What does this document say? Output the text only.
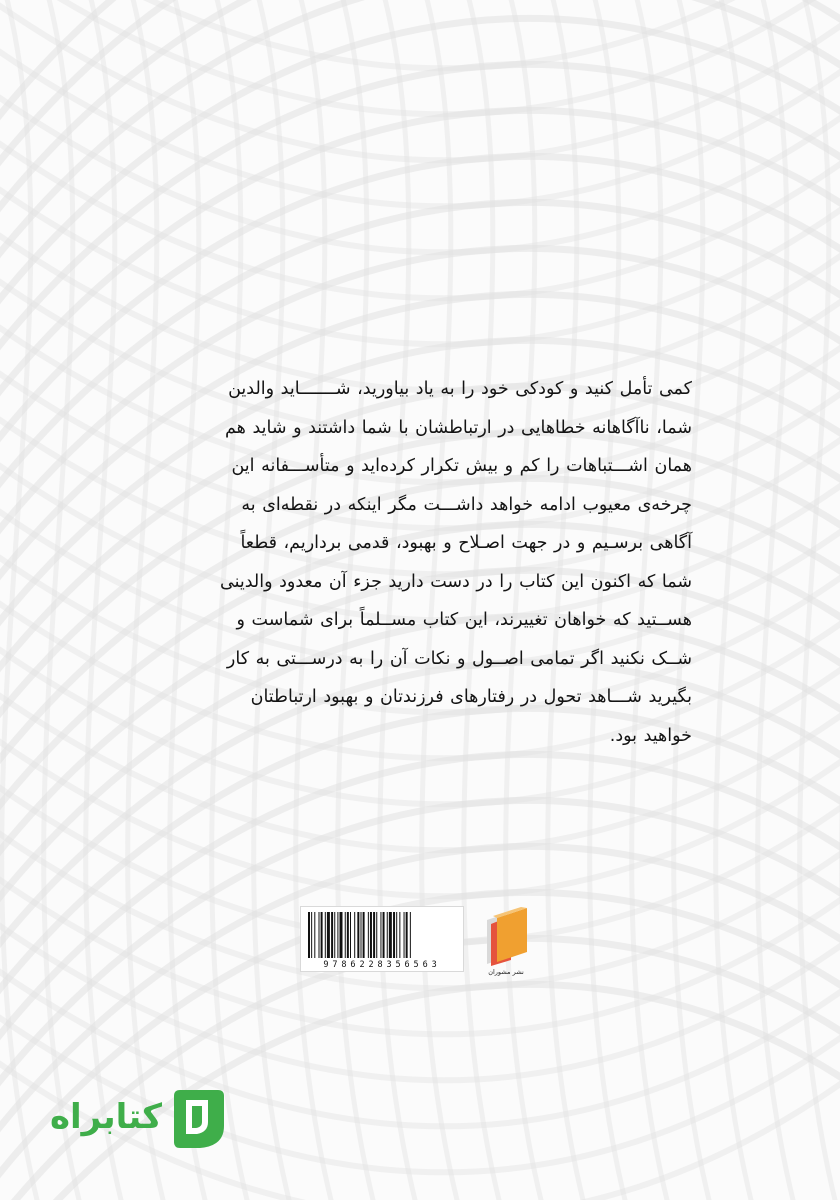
کمی تأمل کنید و کودکی خود را به یاد بیاورید، شـــــــاید والدین
شما، ناآگاهانه خطاهایی در ارتباطشان با شما داشتند و شاید هم
همان اشـــتباهات را کم و بیش تکرار کرده‌اید و متأســـفانه این
چرخه‌ی معیوب ادامه خواهد داشـــت مگر اینکه در نقطه‌ای به
آگاهی برسـیم و در جهت اصـلاح و بهبود، قدمی برداریم، قطعاً
شما که اکنون این کتاب را در دست دارید جزء آن معدود والدینی
هســتید که خواهان تغییرند، این کتاب مســلماً برای شماست و
شــک نکنید اگر تمامی اصــول و نکات آن را به درســـتی به کار
بگیرید شـــاهد تحول در رفتارهای فرزندتان و بهبود ارتباطتان
خواهید بود.
9786228356563
نشر مشوران
کتابراه
